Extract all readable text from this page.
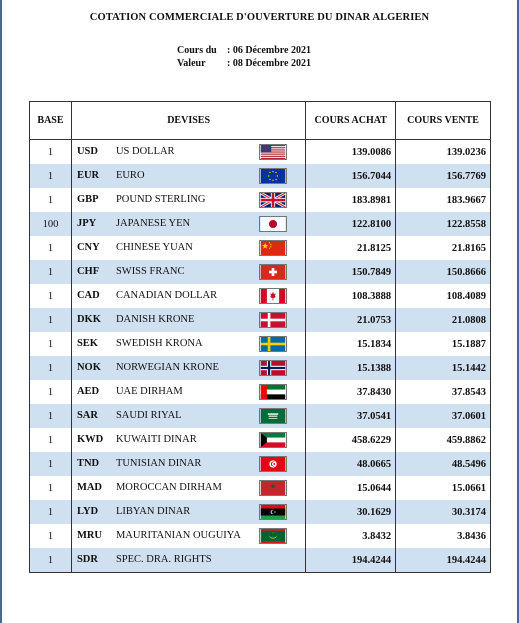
COTATION COMMERCIALE D'OUVERTURE DU DINAR ALGERIEN
Cours du	: 06 Décembre 2021
Valeur	: 08 Décembre 2021
BASE	DEVISES	COURS ACHAT	COURS VENTE
1	USD US DOLLAR	139.0086	139.0236
1	EUR EURO	156.7044	156.7769
1	GBP POUND STERLING	183.8981	183.9667
100	JPY JAPANESE YEN	122.8100	122.8558
1	CNY CHINESE YUAN	21.8125	21.8165
1	CHF SWISS FRANC	150.7849	150.8666
1	CAD CANADIAN DOLLAR	108.3888	108.4089
1	DKK DANISH KRONE	21.0753	21.0808
1	SEK SWEDISH KRONA	15.1834	15.1887
1	NOK NORWEGIAN KRONE	15.1388	15.1442
1	AED UAE DIRHAM	37.8430	37.8543
1	SAR SAUDI RIYAL	37.0541	37.0601
1	KWD KUWAITI DINAR	458.6229	459.8862
1	TND TUNISIAN DINAR	48.0665	48.5496
1	MAD MOROCCAN DIRHAM	15.0644	15.0661
1	LYD LIBYAN DINAR	30.1629	30.3174
1	MRU MAURITANIAN OUGUIYA	3.8432	3.8436
1	SDR SPEC. DRA. RIGHTS	194.4244	194.4244
